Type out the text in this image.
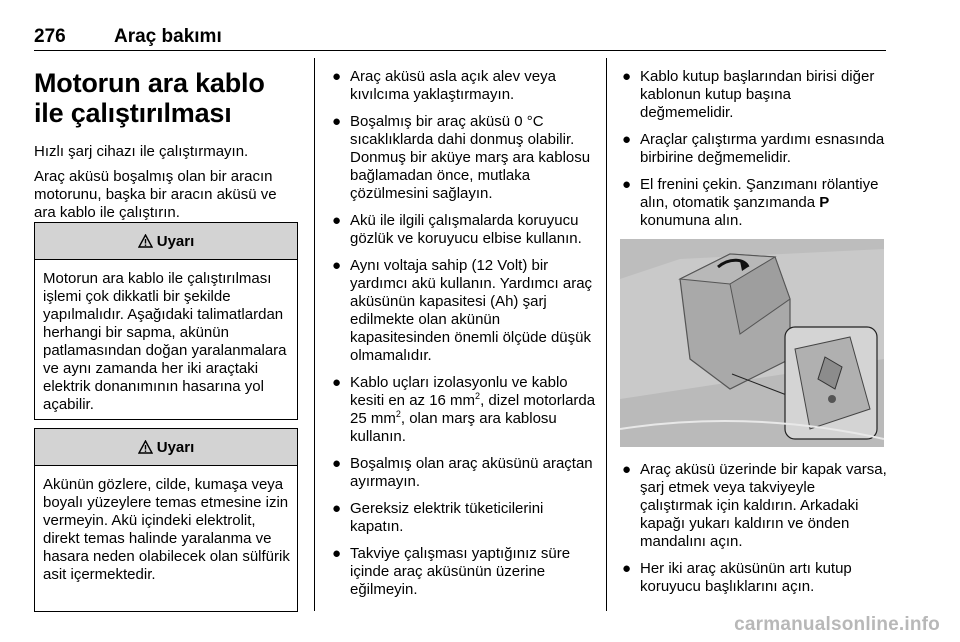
276	Araç bakımı
Motorun ara kablo ile çalıştırılması

Hızlı şarj cihazı ile çalıştırmayın.

Araç aküsü boşalmış olan bir aracın motorunu, başka bir aracın aküsü ve ara kablo ile çalıştırın.

Uyarı
Motorun ara kablo ile çalıştırılması işlemi çok dikkatli bir şekilde yapılmalıdır. Aşağıdaki talimatlardan herhangi bir sapma, akünün patlamasından doğan yaralanmalara ve aynı zamanda her iki araçtaki elektrik donanımının hasarına yol açabilir.
Uyarı
Akünün gözlere, cilde, kumaşa veya boyalı yüzeylere temas etmesine izin vermeyin. Akü içindeki elektrolit, direkt temas halinde yaralanma ve hasara neden olabilecek olan sülfürik asit içermektedir.
● Araç aküsü asla açık alev veya kıvılcıma yaklaştırmayın.
● Boşalmış bir araç aküsü 0 °C sıcaklıklarda dahi donmuş olabilir. Donmuş bir aküye marş ara kablosu bağlamadan önce, mutlaka çözülmesini sağlayın.
● Akü ile ilgili çalışmalarda koruyucu gözlük ve koruyucu elbise kullanın.
● Aynı voltaja sahip (12 Volt) bir yardımcı akü kullanın. Yardımcı araç aküsünün kapasitesi (Ah) şarj edilmekte olan akünün kapasitesinden önemli ölçüde düşük olmamalıdır.
● Kablo uçları izolasyonlu ve kablo kesiti en az 16 $mm^2$, dizel motorlarda 25 $mm^2$, olan marş ara kablosu kullanın.
● Boşalmış olan araç aküsünü araçtan ayırmayın.
● Gereksiz elektrik tüketicilerini kapatın.
● Takviye çalışması yaptığınız süre içinde araç aküsünün üzerine eğilmeyin.
● Kablo kutup başlarından birisi diğer kablonun kutup başına değmemelidir.
● Araçlar çalıştırma yardımı esnasında birbirine değmemelidir.
● El frenini çekin. Şanzımanı rölantiye alın, otomatik şanzımanda P konumuna alın.
● Araç aküsü üzerinde bir kapak varsa, şarj etmek veya takviyeyle çalıştırmak için kaldırın. Arkadaki kapağı yukarı kaldırın ve önden mandalını açın.
● Her iki araç aküsünün artı kutup koruyucu başlıklarını açın.
carmanualsonline.info
